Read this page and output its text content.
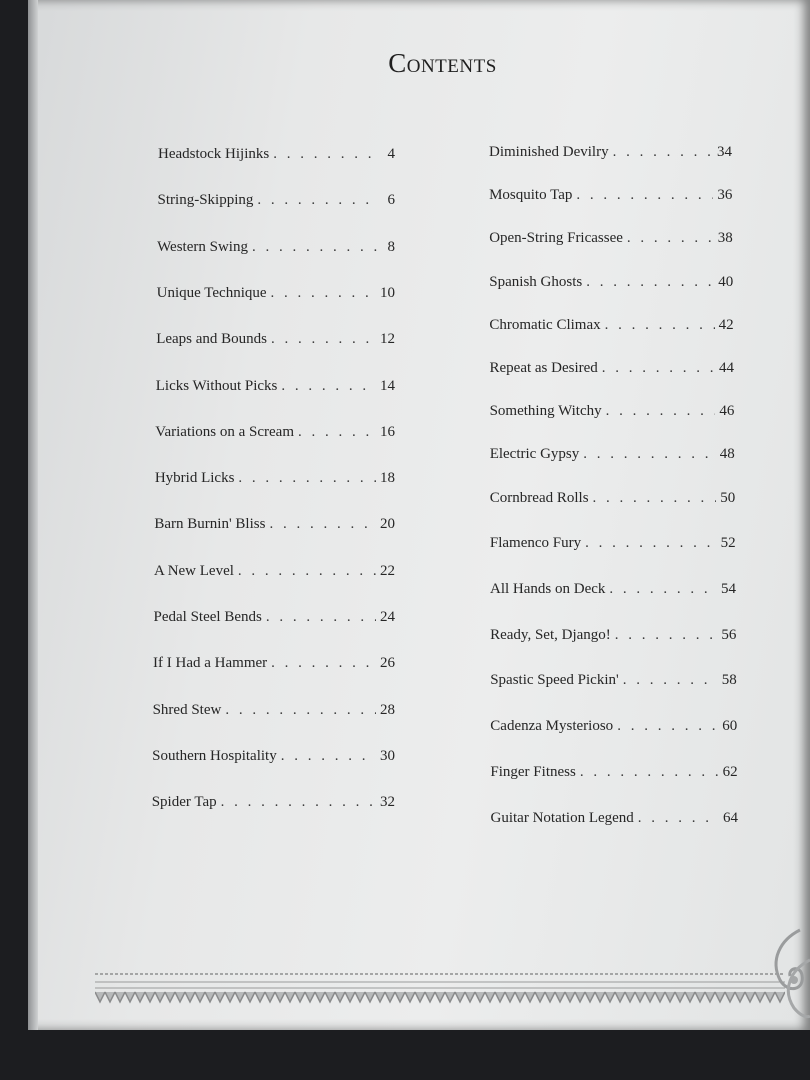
Contents
Headstock Hijinks . . .	4
String-Skipping . . .	6
Western Swing . . .	8
Unique Technique . . .	10
Leaps and Bounds . . .	12
Licks Without Picks . . .	14
Variations on a Scream . . .	16
Hybrid Licks . . .	18
Barn Burnin' Bliss . . .	20
A New Level . . .	22
Pedal Steel Bends . . .	24
If I Had a Hammer . . .	26
Shred Stew . . .	28
Southern Hospitality . . .	30
Spider Tap . . .	32
Diminished Devilry . . .	34
Mosquito Tap . . .	36
Open-String Fricassee . . .	38
Spanish Ghosts . . .	40
Chromatic Climax . . .	42
Repeat as Desired . . .	44
Something Witchy . . .	46
Electric Gypsy . . .	48
Cornbread Rolls . . .	50
Flamenco Fury . . .	52
All Hands on Deck . . .	54
Ready, Set, Django! . . .	56
Spastic Speed Pickin' . . .	58
Cadenza Mysterioso . . .	60
Finger Fitness . . .	62
Guitar Notation Legend . . .	64
